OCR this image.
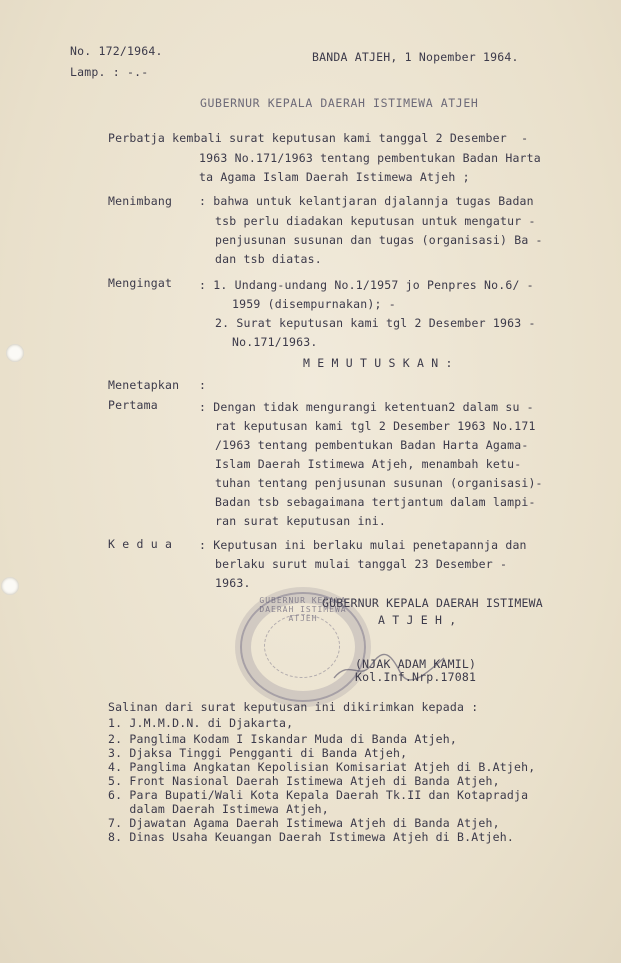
No. 172/1964.
Lamp. : -.-
BANDA ATJEH, 1 Nopember 1964.
GUBERNUR KEPALA DAERAH ISTIMEWA ATJEH
Perbatja kembali surat keputusan kami tanggal 2 Desember  -
1963 No.171/1963 tentang pembentukan Badan Harta
ta Agama Islam Daerah Istimewa Atjeh ;
Menimbang : bahwa untuk kelantjaran djalannja tugas Badan
tsb perlu diadakan keputusan untuk mengatur -
penjusunan susunan dan tugas (organisasi) Ba -
dan tsb diatas.
Mengingat : 1. Undang-undang No.1/1957 jo Penpres No.6/ -
1959 (disempurnakan); -
2. Surat keputusan kami tgl 2 Desember 1963 -
No.171/1963.
M E M U T U S K A N :
Menetapkan :
Pertama	: Dengan tidak mengurangi ketentuan2 dalam su -
rat keputusan kami tgl 2 Desember 1963 No.171
/1963 tentang pembentukan Badan Harta Agama-
Islam Daerah Istimewa Atjeh, menambah ketu-
tuhan tentang penjusunan susunan (organisasi)-
Badan tsb sebagaimana tertjantum dalam lampi-
ran surat keputusan ini.
K e d u a : Keputusan ini berlaku mulai penetapannja dan
berlaku surut mulai tanggal 23 Desember -
1963.
GUBERNUR KEPALA DAERAH ISTIMEWA ATJEH
GUBERNUR KEPALA DAERAH ISTIMEWA
A T J E H ,
(NJAK ADAM KAMIL)
Kol.Inf.Nrp.17081
Salinan dari surat keputusan ini dikirimkan kepada :
1. J.M.M.D.N. di Djakarta,
2. Panglima Kodam I Iskandar Muda di Banda Atjeh,
3. Djaksa Tinggi Pengganti di Banda Atjeh,
4. Panglima Angkatan Kepolisian Komisariat Atjeh di B.Atjeh,
5. Front Nasional Daerah Istimewa Atjeh di Banda Atjeh,
6. Para Bupati/Wali Kota Kepala Daerah Tk.II dan Kotapradja
dalam Daerah Istimewa Atjeh,
7. Djawatan Agama Daerah Istimewa Atjeh di Banda Atjeh,
8. Dinas Usaha Keuangan Daerah Istimewa Atjeh di B.Atjeh.
